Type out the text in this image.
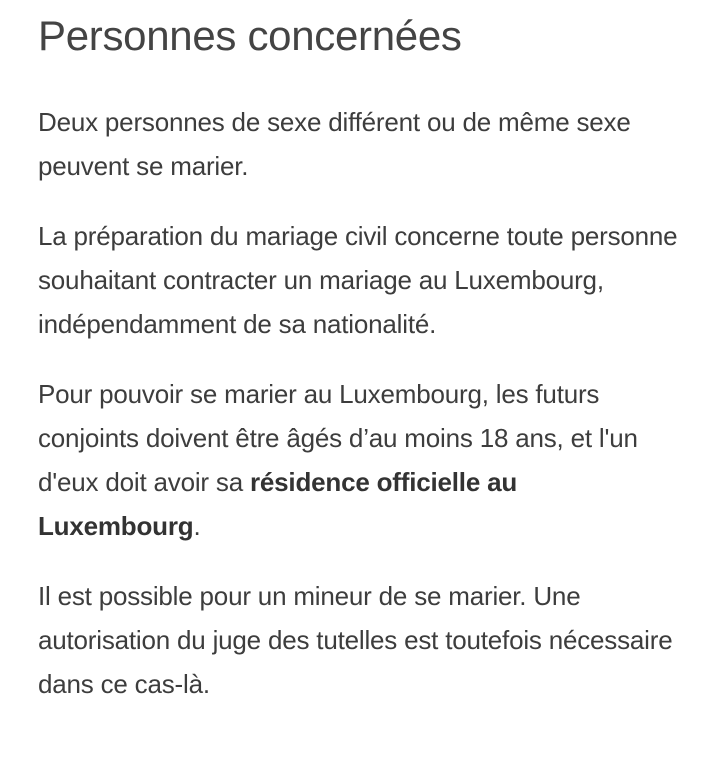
Personnes concernées

Deux personnes de sexe différent ou de même sexe peuvent se marier.

La préparation du mariage civil concerne toute personne souhaitant contracter un mariage au Luxembourg, indépendamment de sa nationalité.

Pour pouvoir se marier au Luxembourg, les futurs conjoints doivent être âgés d’au moins 18 ans, et l'un d'eux doit avoir sa résidence officielle au Luxembourg.

Il est possible pour un mineur de se marier. Une autorisation du juge des tutelles est toutefois nécessaire dans ce cas-là.
